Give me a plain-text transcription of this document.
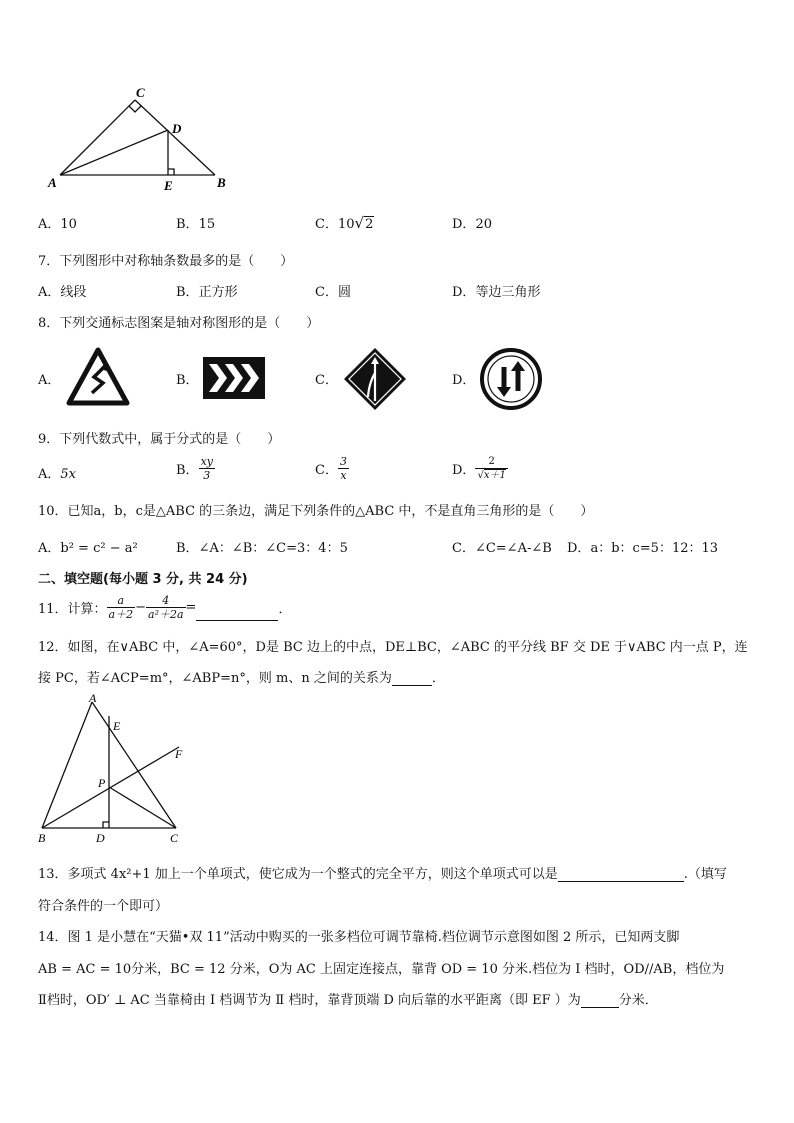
C
D
A	E	B
A．10	B．15	C．10√2	D．20
7．下列图形中对称轴条数最多的是（　　）
A．线段	B．正方形	C．圆	D．等边三角形
8．下列交通标志图案是轴对称图形的是（　　）
A．	B．	C．	D．
9．下列代数式中，属于分式的是（　　）
A．5x	B． $\frac{xy}{3}$	C． $\frac{3}{x}$	D． $\frac{2}{√x+1}$
10．已知a，b，c是△ABC 的三条边，满足下列条件的△ABC 中，不是直角三角形的是（　　）
A．b² = c² − a²	B．∠A：∠B：∠C=3：4：5	C．∠C=∠A-∠B D．a：b：c=5：12：13
二、填空题(每小题 3 分, 共 24 分)
11．计算： $\frac{a}{a+2} - \frac{4}{\text{a²＋2a}}$ =	．
12．如图，在∨ABC 中，∠A=60°，D是 BC 边上的中点，DE⊥BC，∠ABC 的平分线 BF 交 DE 于∨ABC 内一点 P，连
接 PC，若∠ACP=m°，∠ABP=n°，则 m、n 之间的关系为	．
A
E
F
P
B	D	C
13．多项式 4x²+1 加上一个单项式，使它成为一个整式的完全平方，则这个单项式可以是	.（填写
符合条件的一个即可）
14．图 1 是小慧在“天猫•双 11”活动中购买的一张多档位可调节靠椅.档位调节示意图如图 2 所示，已知两支脚
AB = AC = 10分米，BC = 12 分米，O为 AC 上固定连接点，靠背 OD = 10 分米.档位为 Ⅰ 档时，OD//AB，档位为
Ⅱ档时，OD′ ⊥ AC 当靠椅由 Ⅰ 档调节为 Ⅱ 档时，靠背顶端 D 向后靠的水平距离（即 EF ）为	分米．
